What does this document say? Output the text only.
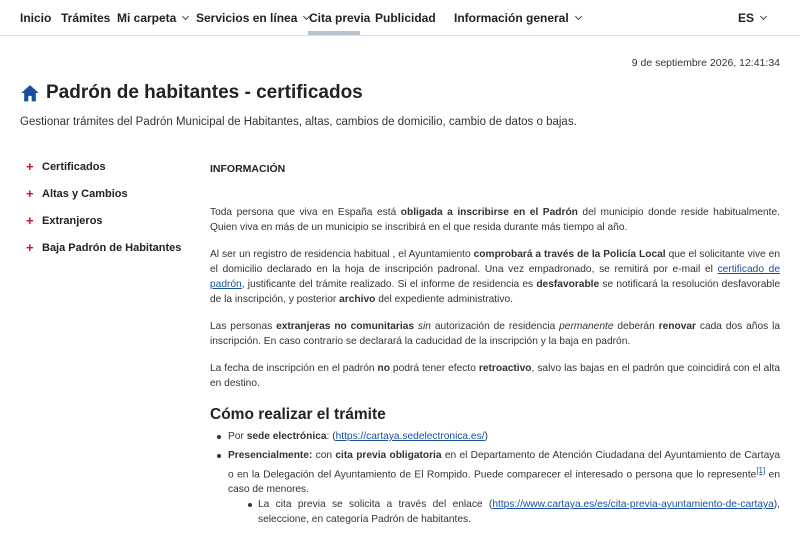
Inicio Trámites Mi carpeta	Servicios en línea Cita previa Publicidad Información general	ES
9 de septiembre 2026, 12:41:34
Padrón de habitantes - certificados
Gestionar trámites del Padrón Municipal de Habitantes, altas, cambios de domicilio, cambio de datos o bajas.
+ Certificados
+ Altas y Cambios
+ Extranjeros
+ Baja Padrón de Habitantes
INFORMACIÓN

Toda persona que viva en España está obligada a inscribirse en el Padrón del municipio donde reside habitualmente. Quien viva en más de un municipio se inscribirá en el que resida durante más tiempo al año.

Al ser un registro de residencia habitual , el Ayuntamiento comprobará a través de la Policía Local que el solicitante vive en el domicilio declarado en la hoja de inscripción padronal. Una vez empadronado, se remitirá por e-mail el certificado de padrón, justificante del trámite realizado. Si el informe de residencia es desfavorable se notificará la resolución desfavorable de la inscripción, y posterior archivo del expediente administrativo.

Las personas extranjeras no comunitarias sin autorización de residencia permanente deberán renovar cada dos años la inscripción. En caso contrario se declarará la caducidad de la inscripción y la baja en padrón.

La fecha de inscripción en el padrón no podrá tener efecto retroactivo, salvo las bajas en el padrón que coincidirá con el alta en destino.

Cómo realizar el trámite
Por sede electrónica: (https://cartaya.sedelectronica.es/)
Presencialmente: con cita previa obligatoria en el Departamento de Atención Ciudadana del Ayuntamiento de Cartaya o en la Delegación del Ayuntamiento de El Rompido. Puede comparecer el interesado o persona que lo represente[1] en caso de menores.
La cita previa se solicita a través del enlace (https://www.cartaya.es/es/cita-previa-ayuntamiento-de-cartaya), seleccione, en categoría Padrón de habitantes.
